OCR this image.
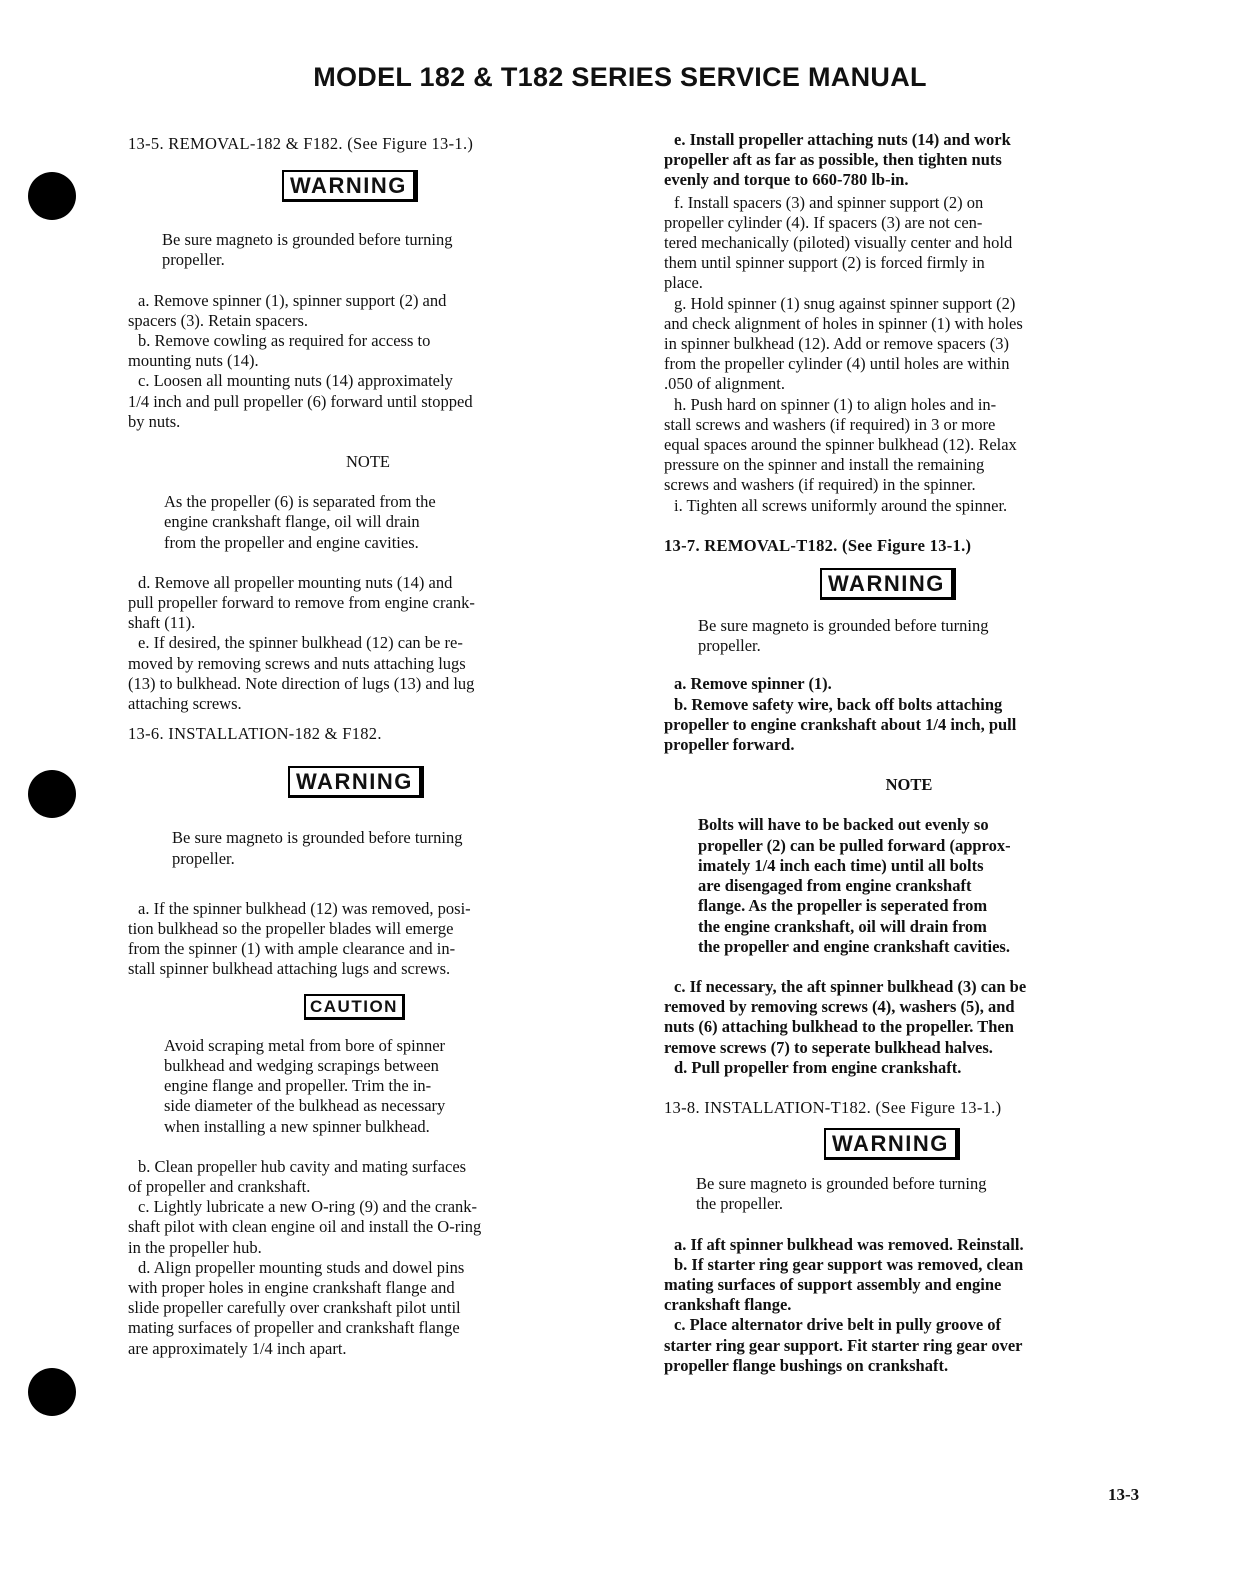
MODEL 182 & T182 SERIES SERVICE MANUAL

13-5. REMOVAL-182 & F182. (See Figure 13-1.)

WARNING

Be sure magneto is grounded before turning

propeller.

a. Remove spinner (1), spinner support (2) and

spacers (3). Retain spacers.

b. Remove cowling as required for access to

mounting nuts (14).

c. Loosen all mounting nuts (14) approximately

1/4 inch and pull propeller (6) forward until stopped

by nuts.

NOTE

As the propeller (6) is separated from the

engine crankshaft flange, oil will drain

from the propeller and engine cavities.

d. Remove all propeller mounting nuts (14) and

pull propeller forward to remove from engine crank-

shaft (11).

e. If desired, the spinner bulkhead (12) can be re-

moved by removing screws and nuts attaching lugs

(13) to bulkhead. Note direction of lugs (13) and lug

attaching screws.

13-6. INSTALLATION-182 & F182.

WARNING

Be sure magneto is grounded before turning

propeller.

a. If the spinner bulkhead (12) was removed, posi-

tion bulkhead so the propeller blades will emerge

from the spinner (1) with ample clearance and in-

stall spinner bulkhead attaching lugs and screws.

CAUTION

Avoid scraping metal from bore of spinner

bulkhead and wedging scrapings between

engine flange and propeller. Trim the in-

side diameter of the bulkhead as necessary

when installing a new spinner bulkhead.

b. Clean propeller hub cavity and mating surfaces

of propeller and crankshaft.

c. Lightly lubricate a new O-ring (9) and the crank-

shaft pilot with clean engine oil and install the O-ring

in the propeller hub.

d. Align propeller mounting studs and dowel pins

with proper holes in engine crankshaft flange and

slide propeller carefully over crankshaft pilot until

mating surfaces of propeller and crankshaft flange

are approximately 1/4 inch apart.

e. Install propeller attaching nuts (14) and work

propeller aft as far as possible, then tighten nuts

evenly and torque to 660-780 lb-in.

f. Install spacers (3) and spinner support (2) on

propeller cylinder (4). If spacers (3) are not cen-

tered mechanically (piloted) visually center and hold

them until spinner support (2) is forced firmly in

place.

g. Hold spinner (1) snug against spinner support (2)

and check alignment of holes in spinner (1) with holes

in spinner bulkhead (12). Add or remove spacers (3)

from the propeller cylinder (4) until holes are within

.050 of alignment.

h. Push hard on spinner (1) to align holes and in-

stall screws and washers (if required) in 3 or more

equal spaces around the spinner bulkhead (12). Relax

pressure on the spinner and install the remaining

screws and washers (if required) in the spinner.

i. Tighten all screws uniformly around the spinner.

13-7. REMOVAL-T182. (See Figure 13-1.)

WARNING

Be sure magneto is grounded before turning

propeller.

a. Remove spinner (1).

b. Remove safety wire, back off bolts attaching

propeller to engine crankshaft about 1/4 inch, pull

propeller forward.

NOTE

Bolts will have to be backed out evenly so

propeller (2) can be pulled forward (approx-

imately 1/4 inch each time) until all bolts

are disengaged from engine crankshaft

flange. As the propeller is seperated from

the engine crankshaft, oil will drain from

the propeller and engine crankshaft cavities.

c. If necessary, the aft spinner bulkhead (3) can be

removed by removing screws (4), washers (5), and

nuts (6) attaching bulkhead to the propeller. Then

remove screws (7) to seperate bulkhead halves.

d. Pull propeller from engine crankshaft.

13-8. INSTALLATION-T182. (See Figure 13-1.)

WARNING

Be sure magneto is grounded before turning

the propeller.

a. If aft spinner bulkhead was removed. Reinstall.

b. If starter ring gear support was removed, clean

mating surfaces of support assembly and engine

crankshaft flange.

c. Place alternator drive belt in pully groove of

starter ring gear support. Fit starter ring gear over

propeller flange bushings on crankshaft.

13-3
